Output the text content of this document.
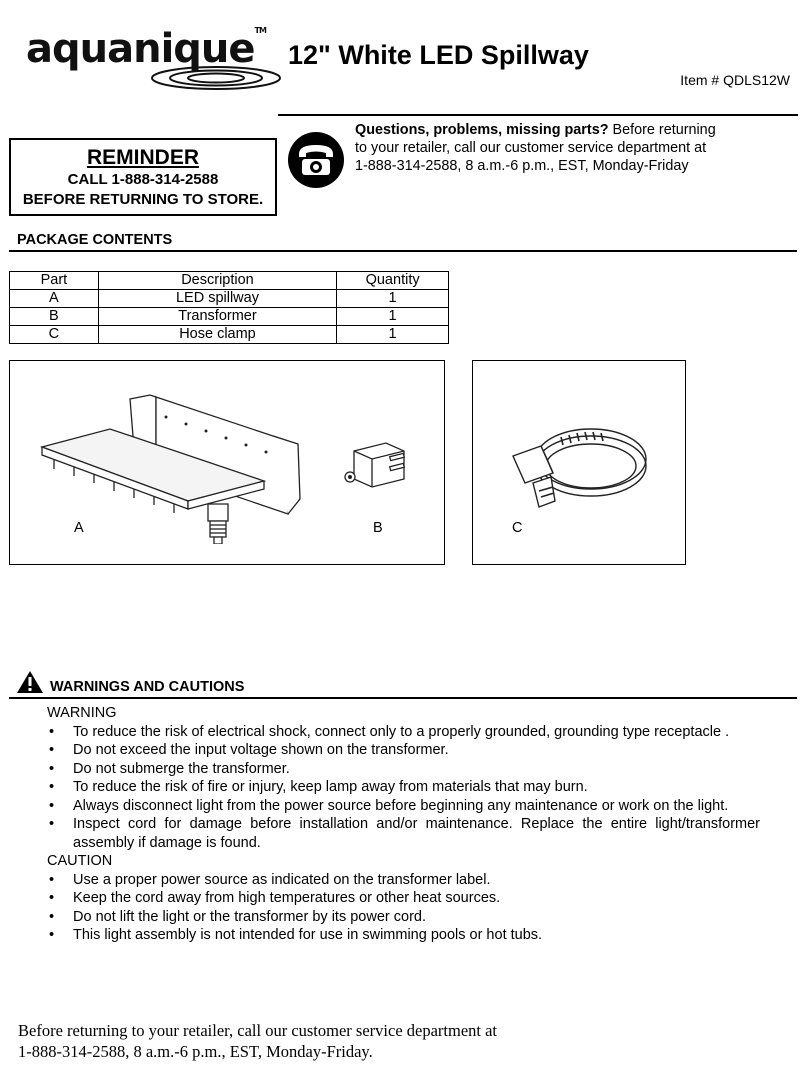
aquanique™
12" White LED Spillway
Item # QDLS12W
REMINDER
CALL 1-888-314-2588
BEFORE RETURNING TO STORE.
Questions, problems, missing parts? Before returning
to your retailer, call our customer service department at
1-888-314-2588, 8 a.m.-6 p.m., EST, Monday-Friday
PACKAGE CONTENTS
Part	Description	Quantity
A	LED spillway	1
B	Transformer	1
C	Hose clamp	1
A	B	C
WARNINGS AND CAUTIONS
WARNING
• To reduce the risk of electrical shock, connect only to a properly grounded, grounding type receptacle .
• Do not exceed the input voltage shown on the transformer.
• Do not submerge the transformer.
• To reduce the risk of fire or injury, keep lamp away from materials that may burn.
• Always disconnect light from the power source before beginning any maintenance or work on the light.
• Inspect cord for damage before installation and/or maintenance. Replace the entire light/transformer assembly if damage is found.
CAUTION
• Use a proper power source as indicated on the transformer label.
• Keep the cord away from high temperatures or other heat sources.
• Do not lift the light or the transformer by its power cord.
• This light assembly is not intended for use in swimming pools or hot tubs.
Before returning to your retailer, call our customer service department at
1-888-314-2588, 8 a.m.-6 p.m., EST, Monday-Friday.
